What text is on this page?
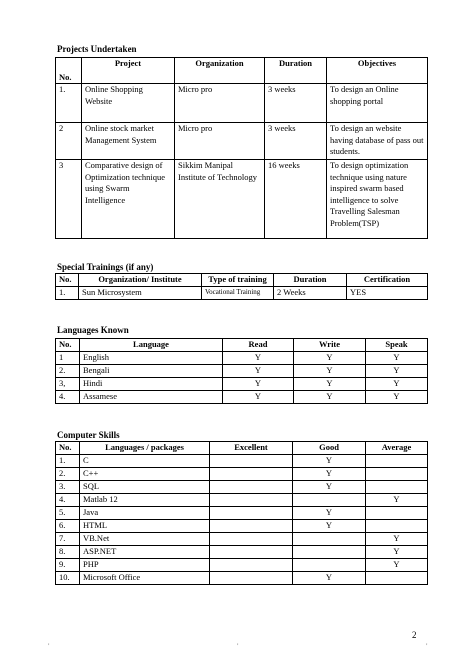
Projects Undertaken
No.	Project	Organization	Duration	Objectives
1.	Online Shopping Website	Micro pro	3 weeks	To design an Online shopping portal
2	Online stock market Management System	Micro pro	3 weeks	To design an website having database of pass out students.
3	Comparative design of Optimization technique using Swarm Intelligence	Sikkim Manipal Institute of Technology	16 weeks	To design optimization technique using nature inspired swarm based intelligence to solve Travelling Salesman Problem(TSP)
Special Trainings (if any)
No.	Organization/ Institute	Type of training	Duration	Certification
1.	Sun Microsystem	Vocational Training	2 Weeks	YES
Languages Known
No.	Language	Read	Write	Speak
1	English	Y	Y	Y
2.	Bengali	Y	Y	Y
3,	Hindi	Y	Y	Y
4.	Assamese	Y	Y	Y
Computer Skills
No.	Languages / packages	Excellent	Good	Average
1.	C		Y	
2.	C++		Y	
3.	SQL		Y	
4.	Matlab 12			Y
5.	Java		Y	
6.	HTML		Y	
7.	VB.Net			Y
8.	ASP.NET			Y
9.	PHP			Y
10.	Microsoft Office		Y	
2
,	,	,
